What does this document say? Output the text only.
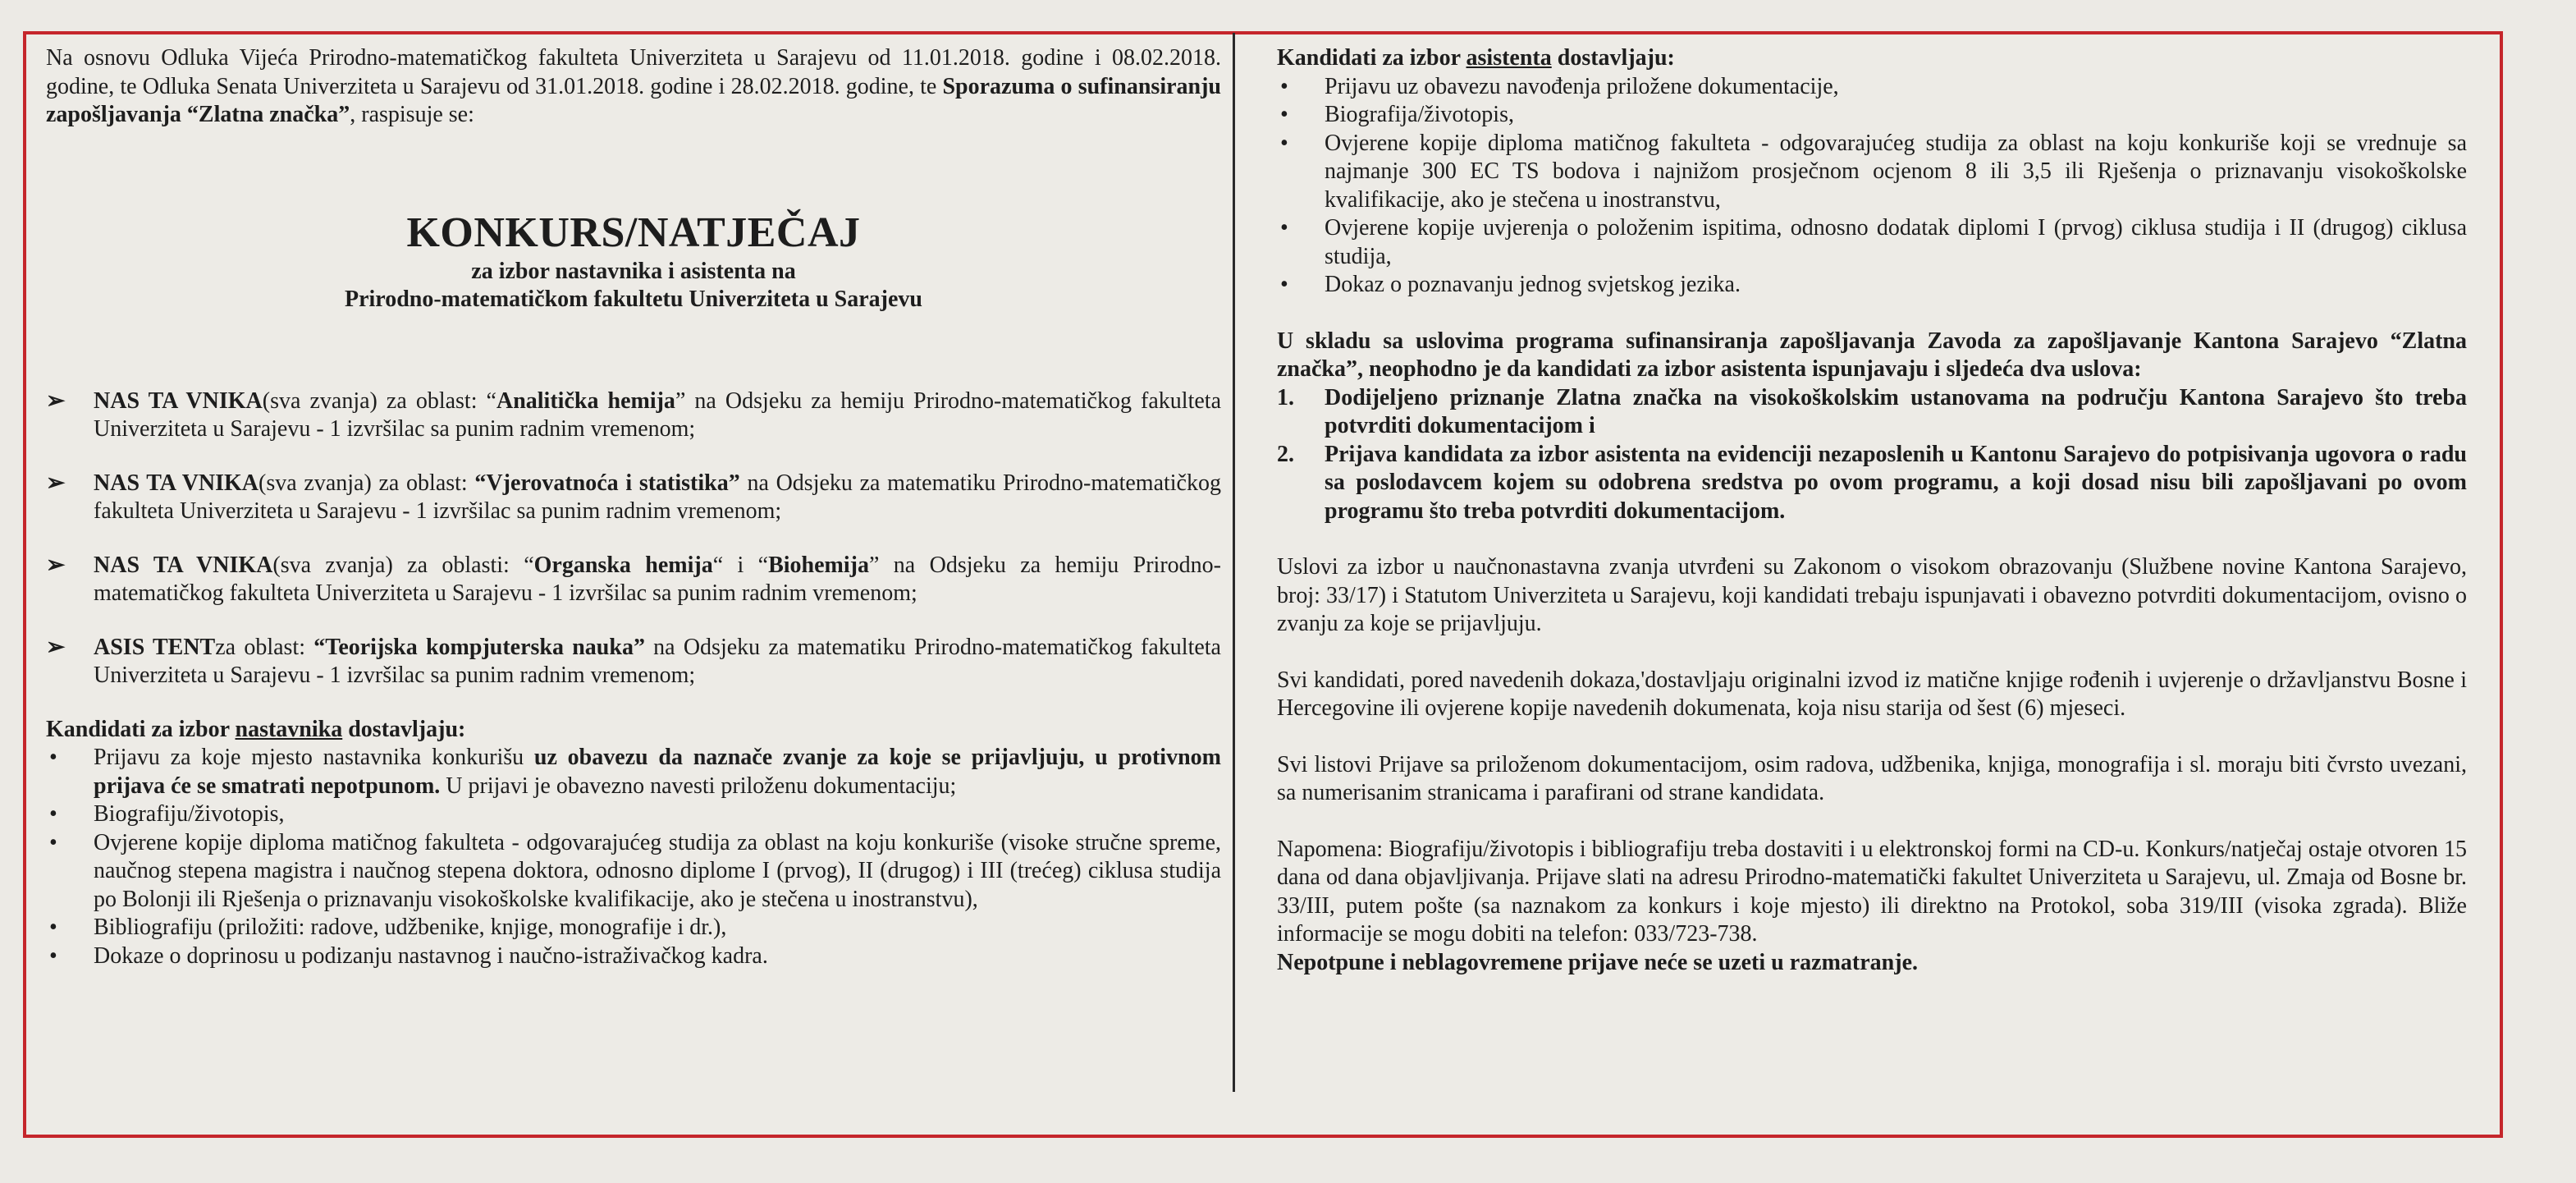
Na osnovu Odluka Vijeća Prirodno-matematičkog fakulteta Univerziteta u Sarajevu od 11.01.2018. godine i 08.02.2018. godine, te Odluka Senata Univerziteta u Sarajevu od 31.01.2018. godine i 28.02.2018. godine, te Sporazuma o sufinansiranju zapošljavanja “Zlatna značka”, raspisuje se:

KONKURS/NATJEČAJ
za izbor nastavnika i asistenta na
Prirodno-matematičkom fakultetu Univerziteta u Sarajevu
➢ NAS TA VNIKA(sva zvanja) za oblast: “Analitička hemija” na Odsjeku za hemiju Prirodno-matematičkog fakulteta Univerziteta u Sarajevu - 1 izvršilac sa punim radnim vremenom;
➢ NAS TA VNIKA(sva zvanja) za oblast: “Vjerovatnoća i statistika” na Odsjeku za matematiku Prirodno-matematičkog fakulteta Univerziteta u Sarajevu - 1 izvršilac sa punim radnim vremenom;
➢ NAS TA VNIKA(sva zvanja) za oblasti: “Organska hemija“ i “Biohemija” na Odsjeku za hemiju Prirodno-matematičkog fakulteta Univerziteta u Sarajevu - 1 izvršilac sa punim radnim vremenom;
➢ ASIS TENTza oblast: “Teorijska kompjuterska nauka” na Odsjeku za matematiku Prirodno-matematičkog fakulteta Univerziteta u Sarajevu - 1 izvršilac sa punim radnim vremenom;

Kandidati za izbor nastavnika dostavljaju:

• Prijavu za koje mjesto nastavnika konkurišu uz obavezu da naznače zvanje za koje se prijavljuju, u protivnom prijava će se smatrati nepotpunom. U prijavi je obavezno navesti priloženu dokumentaciju;
• Biografiju/životopis,
• Ovjerene kopije diploma matičnog fakulteta - odgovarajućeg studija za oblast na koju konkuriše (visoke stručne spreme, naučnog stepena magistra i naučnog stepena doktora, odnosno diplome I (prvog), II (drugog) i III (trećeg) ciklusa studija po Bolonji ili Rješenja o priznavanju visokoškolske kvalifikacije, ako je stečena u inostranstvu),
• Bibliografiju (priložiti: radove, udžbenike, knjige, monografije i dr.),
• Dokaze o doprinosu u podizanju nastavnog i naučno-istraživačkog kadra.

Kandidati za izbor asistenta dostavljaju:

• Prijavu uz obavezu navođenja priložene dokumentacije,
• Biografija/životopis,
• Ovjerene kopije diploma matičnog fakulteta - odgovarajućeg studija za oblast na koju konkuriše koji se vrednuje sa najmanje 300 EC TS bodova i najnižom prosječnom ocjenom 8 ili 3,5 ili Rješenja o priznavanju visokoškolske kvalifikacije, ako je stečena u inostranstvu,
• Ovjerene kopije uvjerenja o položenim ispitima, odnosno dodatak diplomi I (prvog) ciklusa studija i II (drugog) ciklusa studija,
• Dokaz o poznavanju jednog svjetskog jezika.

U skladu sa uslovima programa sufinansiranja zapošljavanja Zavoda za zapošljavanje Kantona Sarajevo “Zlatna značka”, neophodno je da kandidati za izbor asistenta ispunjavaju i sljedeća dva uslova:

1. Dodijeljeno priznanje Zlatna značka na visokoškolskim ustanovama na području Kantona Sarajevo što treba potvrditi dokumentacijom i
2. Prijava kandidata za izbor asistenta na evidenciji nezaposlenih u Kantonu Sarajevo do potpisivanja ugovora o radu sa poslodavcem kojem su odobrena sredstva po ovom programu, a koji dosad nisu bili zapošljavani po ovom programu što treba potvrditi dokumentacijom.

Uslovi za izbor u naučnonastavna zvanja utvrđeni su Zakonom o visokom obrazovanju (Službene novine Kantona Sarajevo, broj: 33/17) i Statutom Univerziteta u Sarajevu, koji kandidati trebaju ispunjavati i obavezno potvrditi dokumentacijom, ovisno o zvanju za koje se prijavljuju.

Svi kandidati, pored navedenih dokaza,'dostavljaju originalni izvod iz matične knjige rođenih i uvjerenje o državljanstvu Bosne i Hercegovine ili ovjerene kopije navedenih dokumenata, koja nisu starija od šest (6) mjeseci.

Svi listovi Prijave sa priloženom dokumentacijom, osim radova, udžbenika, knjiga, monografija i sl. moraju biti čvrsto uvezani, sa numerisanim stranicama i parafirani od strane kandidata.

Napomena: Biografiju/životopis i bibliografiju treba dostaviti i u elektronskoj formi na CD-u. Konkurs/natječaj ostaje otvoren 15 dana od dana objavljivanja. Prijave slati na adresu Prirodno-matematički fakultet Univerziteta u Sarajevu, ul. Zmaja od Bosne br. 33/III, putem pošte (sa naznakom za konkurs i koje mjesto) ili direktno na Protokol, soba 319/III (visoka zgrada). Bliže informacije se mogu dobiti na telefon: 033/723-738.

Nepotpune i neblagovremene prijave neće se uzeti u razmatranje.
